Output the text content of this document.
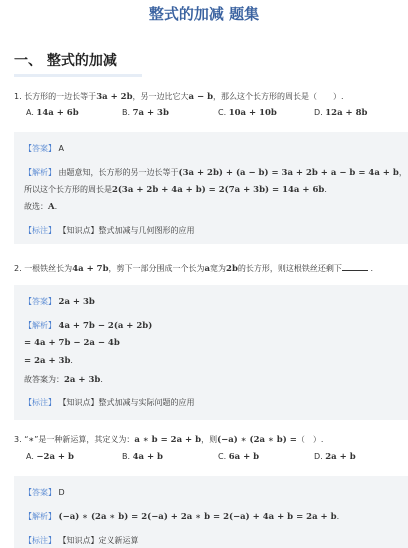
整式的加减 题集
一、 整式的加减
1. 长方形的一边长等于3a + 2b，另一边比它大a − b，那么这个长方形的周长是（　　）.
A. 14a + 6b	B. 7a + 3b	C. 10a + 10b	D. 12a + 8b
【答案】 A
【解析】 由题意知，长方形的另一边长等于(3a + 2b) + (a − b) = 3a + 2b + a − b = 4a + b，
所以这个长方形的周长是2(3a + 2b + 4a + b) = 2(7a + 3b) = 14a + 6b.
故选：A.
【标注】 【知识点】整式加减与几何图形的应用
2. 一根铁丝长为4a + 7b，剪下一部分围成一个长为a宽为2b的长方形，则这根铁丝还剩下	.
【答案】 2a + 3b
【解析】 4a + 7b − 2(a + 2b)
= 4a + 7b − 2a − 4b
= 2a + 3b.
故答案为：2a + 3b.
【标注】 【知识点】整式加减与实际问题的应用
3. “∗”是一种新运算，其定义为：a ∗ b = 2a + b，则(−a) ∗ (2a ∗ b) =（　）.
A. −2a + b	B. 4a + b	C. 6a + b	D. 2a + b
【答案】 D
【解析】 (−a) ∗ (2a ∗ b) = 2(−a) + 2a ∗ b = 2(−a) + 4a + b = 2a + b.
【标注】 【知识点】定义新运算
